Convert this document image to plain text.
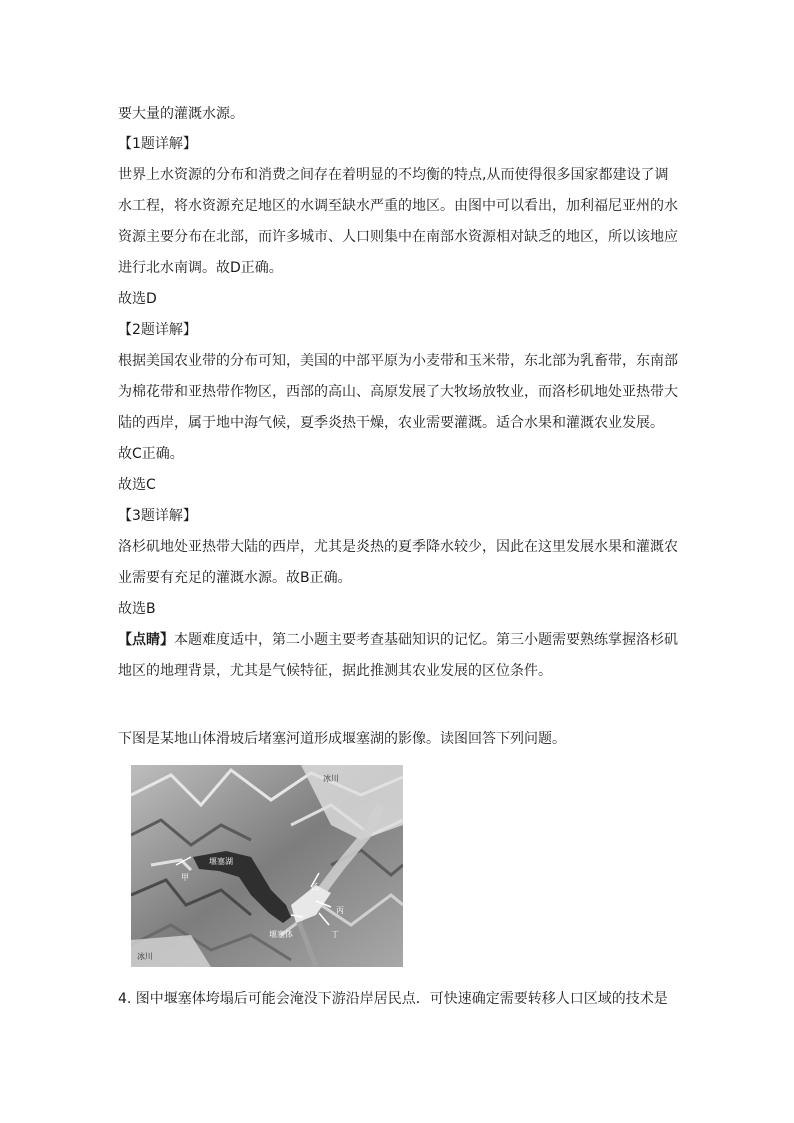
要大量的灌溉水源。
【1题详解】
世界上水资源的分布和消费之间存在着明显的不均衡的特点,从而使得很多国家都建设了调
水工程，将水资源充足地区的水调至缺水严重的地区。由图中可以看出，加利福尼亚州的水
资源主要分布在北部，而许多城市、人口则集中在南部水资源相对缺乏的地区，所以该地应
进行北水南调。故D正确。
故选D
【2题详解】
根据美国农业带的分布可知，美国的中部平原为小麦带和玉米带，东北部为乳畜带，东南部
为棉花带和亚热带作物区，西部的高山、高原发展了大牧场放牧业，而洛杉矶地处亚热带大
陆的西岸，属于地中海气候，夏季炎热干燥，农业需要灌溉。适合水果和灌溉农业发展。
故C正确。
故选C
【3题详解】
洛杉矶地处亚热带大陆的西岸，尤其是炎热的夏季降水较少，因此在这里发展水果和灌溉农
业需要有充足的灌溉水源。故B正确。
故选B
【点睛】本题难度适中，第二小题主要考查基础知识的记忆。第三小题需要熟练掌握洛杉矶
地区的地理背景，尤其是气候特征，据此推测其农业发展的区位条件。
下图是某地山体滑坡后堵塞河道形成堰塞湖的影像。读图回答下列问题。
堰塞湖
甲
乙
丙
丁
堰塞体
冰川
冰川
4. 图中堰塞体垮塌后可能会淹没下游沿岸居民点．可快速确定需要转移人口区域的技术是
